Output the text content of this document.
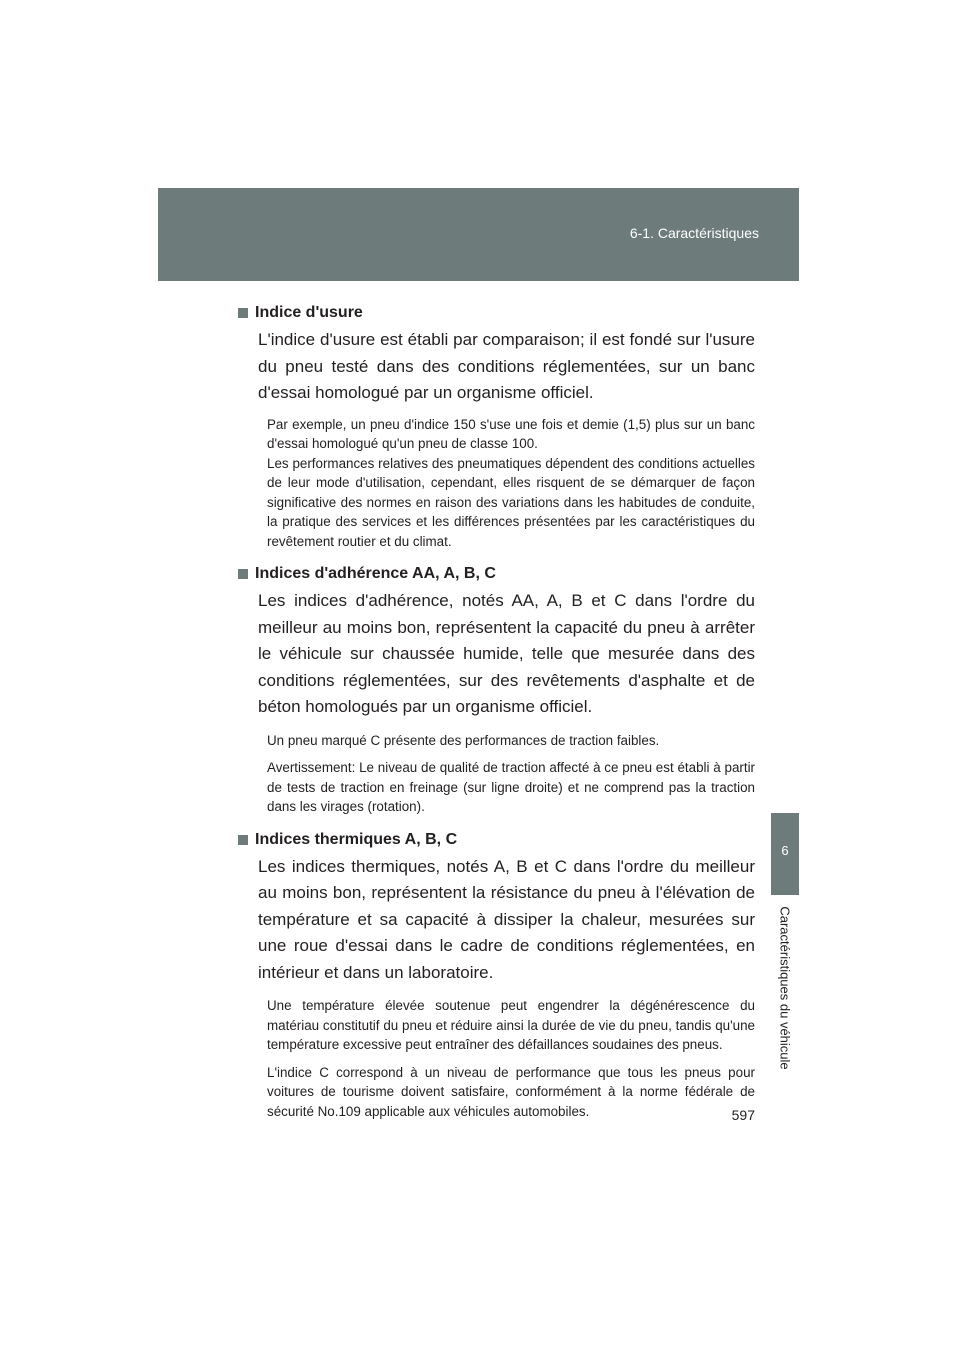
6-1. Caractéristiques
6
Caractéristiques du véhicule
Indice d'usure

L'indice d'usure est établi par comparaison; il est fondé sur l'usure du pneu testé dans des conditions réglementées, sur un banc d'essai homologué par un organisme officiel.

Par exemple, un pneu d'indice 150 s'use une fois et demie (1,5) plus sur un banc d'essai homologué qu'un pneu de classe 100.
Les performances relatives des pneumatiques dépendent des conditions actuelles de leur mode d'utilisation, cependant, elles risquent de se démarquer de façon significative des normes en raison des variations dans les habitudes de conduite, la pratique des services et les différences présentées par les caractéristiques du revêtement routier et du climat.

Indices d'adhérence AA, A, B, C

Les indices d'adhérence, notés AA, A, B et C dans l'ordre du meilleur au moins bon, représentent la capacité du pneu à arrêter le véhicule sur chaussée humide, telle que mesurée dans des conditions réglementées, sur des revêtements d'asphalte et de béton homologués par un organisme officiel.

Un pneu marqué C présente des performances de traction faibles.

Avertissement: Le niveau de qualité de traction affecté à ce pneu est établi à partir de tests de traction en freinage (sur ligne droite) et ne comprend pas la traction dans les virages (rotation).

Indices thermiques A, B, C

Les indices thermiques, notés A, B et C dans l'ordre du meilleur au moins bon, représentent la résistance du pneu à l'élévation de température et sa capacité à dissiper la chaleur, mesurées sur une roue d'essai dans le cadre de conditions réglementées, en intérieur et dans un laboratoire.

Une température élevée soutenue peut engendrer la dégénérescence du matériau constitutif du pneu et réduire ainsi la durée de vie du pneu, tandis qu'une température excessive peut entraîner des défaillances soudaines des pneus.

L'indice C correspond à un niveau de performance que tous les pneus pour voitures de tourisme doivent satisfaire, conformément à la norme fédérale de sécurité No.109 applicable aux véhicules automobiles.	597
